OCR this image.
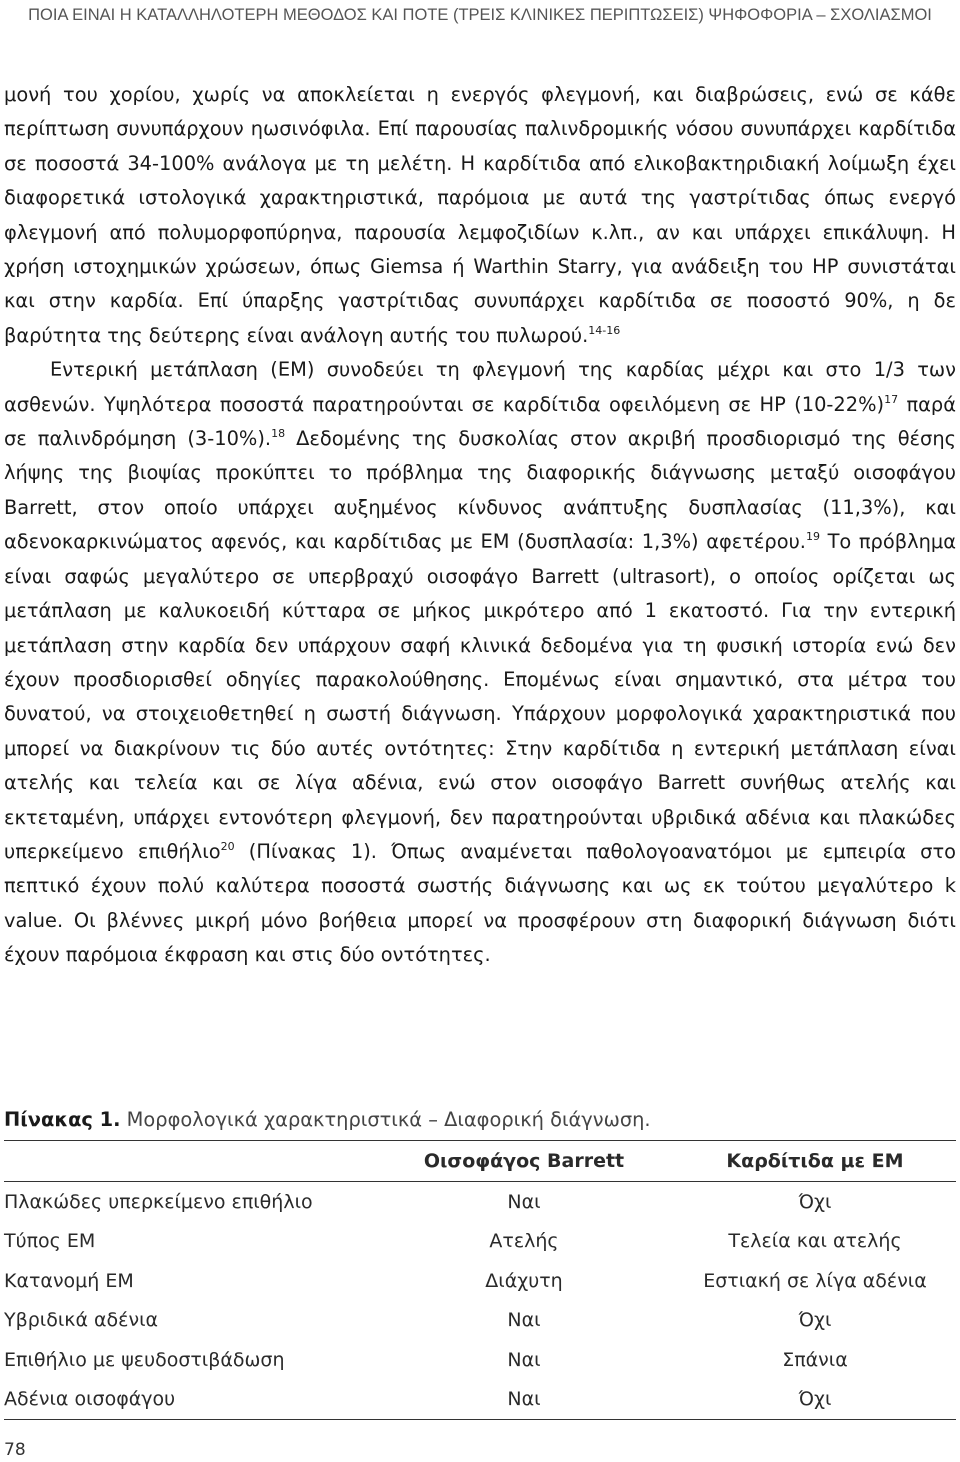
ΠΟΙΑ ΕΙΝΑΙ Η ΚΑΤΑΛΛΗΛΟΤΕΡΗ ΜΕΘΟΔΟΣ ΚΑΙ ΠΟΤΕ (ΤΡΕΙΣ ΚΛΙΝΙΚΕΣ ΠΕΡΙΠΤΩΣΕΙΣ) ΨΗΦΟΦΟΡΙΑ – ΣΧΟΛΙΑΣΜΟΙ

μονή του χορίου, χωρίς να αποκλείεται η ενεργός φλεγμονή, και διαβρώσεις, ενώ σε κάθε περίπτωση συνυπάρχουν ηωσινόφιλα. Επί παρουσίας παλινδρομικής νόσου συνυπάρχει καρδίτιδα σε ποσοστά 34-100% ανάλογα με τη μελέτη. Η καρδίτιδα από ελικοβακτηριδιακή λοίμωξη έχει διαφορετικά ιστολογικά χαρακτηριστικά, παρόμοια με αυτά της γαστρίτιδας όπως ενεργό φλεγμονή από πολυμορφοπύρηνα, παρουσία λεμφοζιδίων κ.λπ., αν και υπάρχει επικάλυψη. Η χρήση ιστοχημικών χρώσεων, όπως Giemsa ή Warthin Starry, για ανάδειξη του HP συνιστάται και στην καρδία. Επί ύπαρξης γαστρίτιδας συνυπάρχει καρδίτιδα σε ποσοστό 90%, η δε βαρύτητα της δεύτερης είναι ανάλογη αυτής του πυλωρού.$^{14-16}$

Εντερική μετάπλαση (ΕΜ) συνοδεύει τη φλεγμονή της καρδίας μέχρι και στο 1/3 των ασθενών. Υψηλότερα ποσοστά παρατηρούνται σε καρδίτιδα οφειλόμενη σε HP $(10-22\%)^{17}$ παρά σε παλινδρόμηση (3-10%).$^{18}$ Δεδομένης της δυσκολίας στον ακριβή προσδιορισμό της θέσης λήψης της βιοψίας προκύπτει το πρόβλημα της διαφορικής διάγνωσης μεταξύ οισοφάγου Barrett, στον οποίο υπάρχει αυξημένος κίνδυνος ανάπτυξης δυσπλασίας (11,3%), και αδενοκαρκινώματος αφενός, και καρδίτιδας με ΕΜ (δυσπλασία: 1,3%) αφετέρου.$^{19}$ Το πρόβλημα είναι σαφώς μεγαλύτερο σε υπερβραχύ οισοφάγο Barrett (ultrasort), ο οποίος ορίζεται ως μετάπλαση με καλυκοειδή κύτταρα σε μήκος μικρότερο από 1 εκατοστό. Για την εντερική μετάπλαση στην καρδία δεν υπάρχουν σαφή κλινικά δεδομένα για τη φυσική ιστορία ενώ δεν έχουν προσδιορισθεί οδηγίες παρακολούθησης. Επομένως είναι σημαντικό, στα μέτρα του δυνατού, να στοιχειοθετηθεί η σωστή διάγνωση. Υπάρχουν μορφολογικά χαρακτηριστικά που μπορεί να διακρίνουν τις δύο αυτές οντότητες: Στην καρδίτιδα η εντερική μετάπλαση είναι ατελής και τελεία και σε λίγα αδένια, ενώ στον οισοφάγο Barrett συνήθως ατελής και εκτεταμένη, υπάρχει εντονότερη φλεγμονή, δεν παρατηρούνται υβριδικά αδένια και πλακώδες υπερκείμενο επιθήλιο$^{20}$ (Πίνακας 1). Όπως αναμένεται παθολογοανατόμοι με εμπειρία στο πεπτικό έχουν πολύ καλύτερα ποσοστά σωστής διάγνωσης και ως εκ τούτου μεγαλύτερο k value. Οι βλέννες μικρή μόνο βοήθεια μπορεί να προσφέρουν στη διαφορική διάγνωση διότι έχουν παρόμοια έκφραση και στις δύο οντότητες.

Πίνακας 1. Μορφολογικά χαρακτηριστικά – Διαφορική διάγνωση.
	Οισοφάγος Barrett	Καρδίτιδα με ΕΜ
Πλακώδες υπερκείμενο επιθήλιο	Ναι	Όχι
Τύπος ΕΜ	Ατελής	Τελεία και ατελής
Κατανομή ΕΜ	Διάχυτη	Εστιακή σε λίγα αδένια
Υβριδικά αδένια	Ναι	Όχι
Επιθήλιο με ψευδοστιβάδωση	Ναι	Σπάνια
Αδένια οισοφάγου	Ναι	Όχι
78
